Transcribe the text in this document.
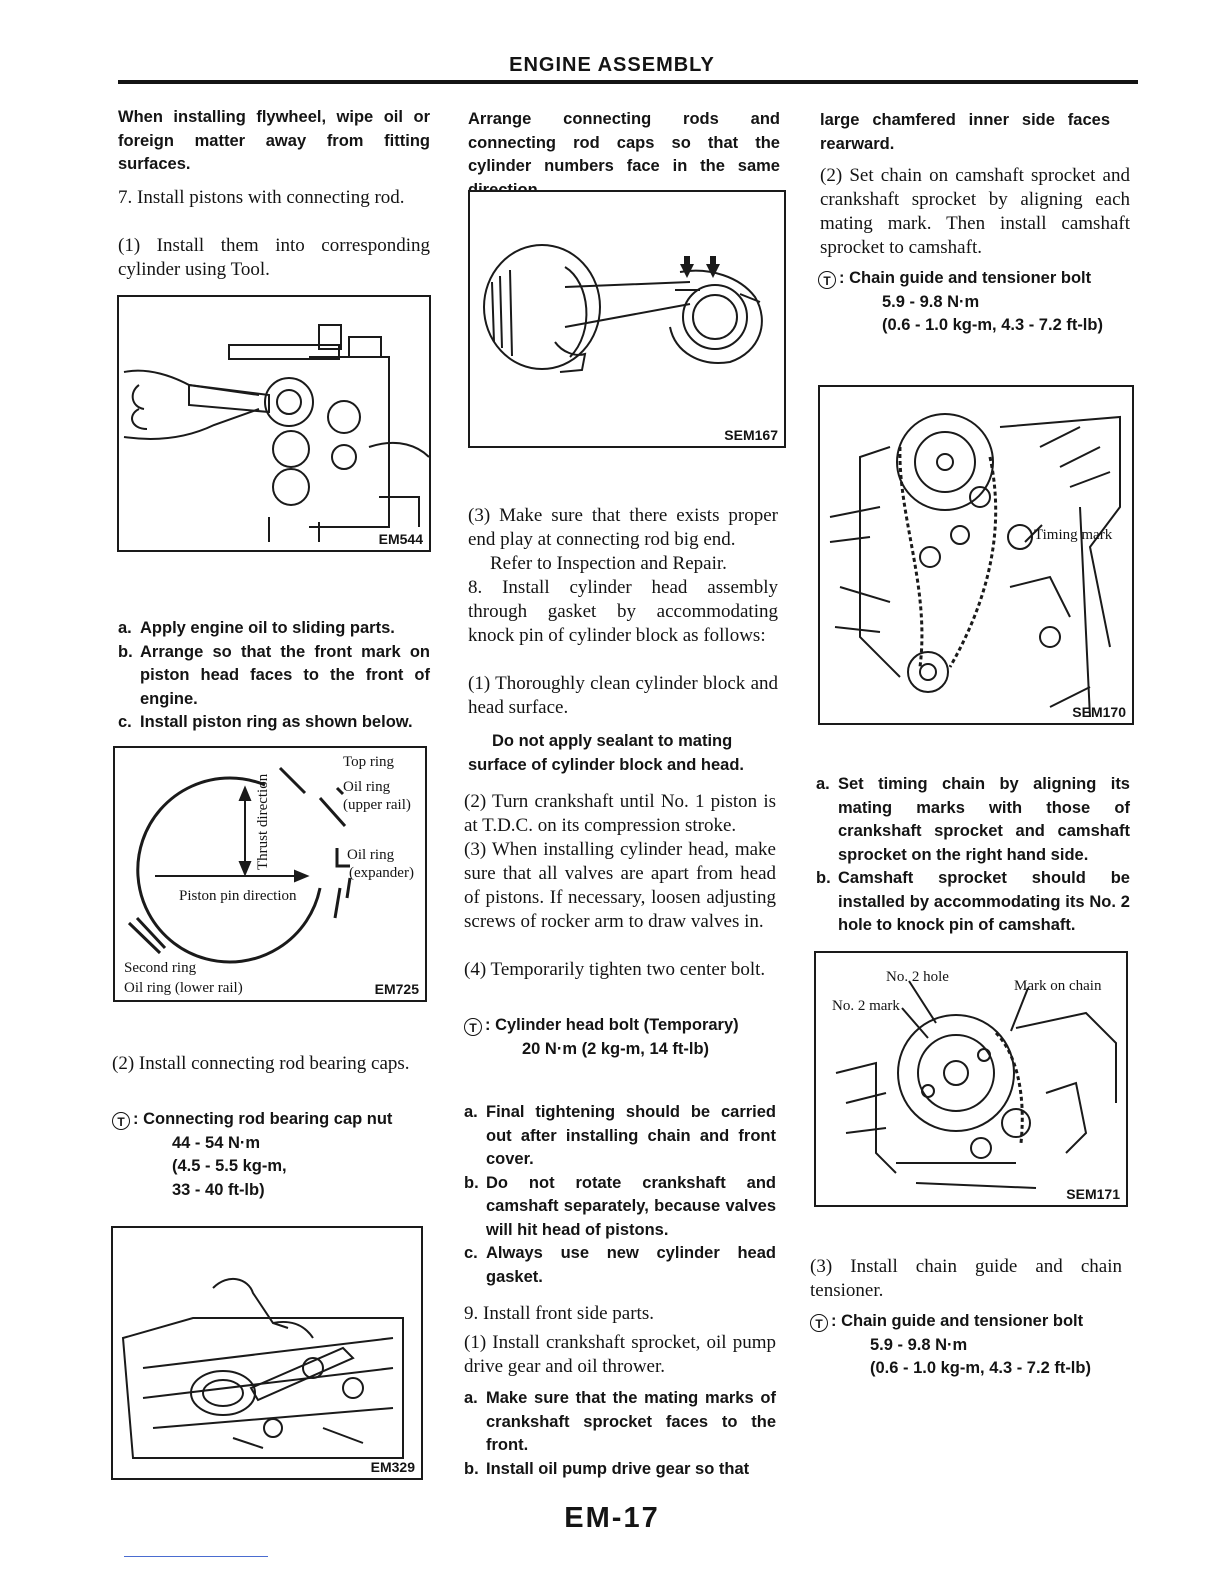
ENGINE ASSEMBLY
When installing flywheel, wipe oil or foreign matter away from fitting surfaces.
7. Install pistons with connecting rod.
(1) Install them into corresponding cylinder using Tool.
EM544
a. Apply engine oil to sliding parts.
b. Arrange so that the front mark on piston head faces to the front of engine.
c. Install piston ring as shown below.
Thrust direction
Top ring
Oil ring
(upper rail)
Oil ring
(expander)
Piston pin direction
Second ring
Oil ring (lower rail)	EM725
(2) Install connecting rod bearing caps.
T : Connecting rod bearing cap nut
44 - 54 N·m
(4.5 - 5.5 kg-m,
33 - 40 ft-lb)
EM329
Arrange connecting rods and connecting rod caps so that the cylinder numbers face in the same
SEM167
(3) Make sure that there exists proper end play at connecting rod big end.
Refer to Inspection and Repair.
8. Install cylinder head assembly through gasket by accommodating knock pin of cylinder block as follows:
(1) Thoroughly clean cylinder block and head surface.
Do not apply sealant to mating surface of cylinder block and head.
(2) Turn crankshaft until No. 1 piston is at T.D.C. on its compression stroke.
(3) When installing cylinder head, make sure that all valves are apart from head of pistons. If necessary, loosen adjusting screws of rocker arm to draw valves in.
(4) Temporarily tighten two center bolt.
T : Cylinder head bolt (Temporary)
20 N·m (2 kg-m, 14 ft-lb)
a. Final tightening should be carried out after installing chain and front cover.
b. Do not rotate crankshaft and camshaft separately, because valves will hit head of pistons.
c. Always use new cylinder head gasket.
9. Install front side parts.
(1) Install crankshaft sprocket, oil pump drive gear and oil thrower.
a. Make sure that the mating marks of crankshaft sprocket faces to the front.
b. Install oil pump drive gear so that
large chamfered inner side faces rearward.
(2) Set chain on camshaft sprocket and crankshaft sprocket by aligning each mating mark. Then install camshaft sprocket to camshaft.
T : Chain guide and tensioner bolt
5.9 - 9.8 N·m
(0.6 - 1.0 kg-m, 4.3 - 7.2 ft-lb)
Timing mark
SEM170
a. Set timing chain by aligning its mating marks with those of crankshaft sprocket and camshaft sprocket on the right hand side.
b. Camshaft sprocket should be installed by accommodating its No. 2 hole to knock pin of camshaft.
No. 2 hole
No. 2 mark
Mark on chain
SEM171
(3) Install chain guide and chain tensioner.
T : Chain guide and tensioner bolt
5.9 - 9.8 N·m
(0.6 - 1.0 kg-m, 4.3 - 7.2 ft-lb)
EM-17
